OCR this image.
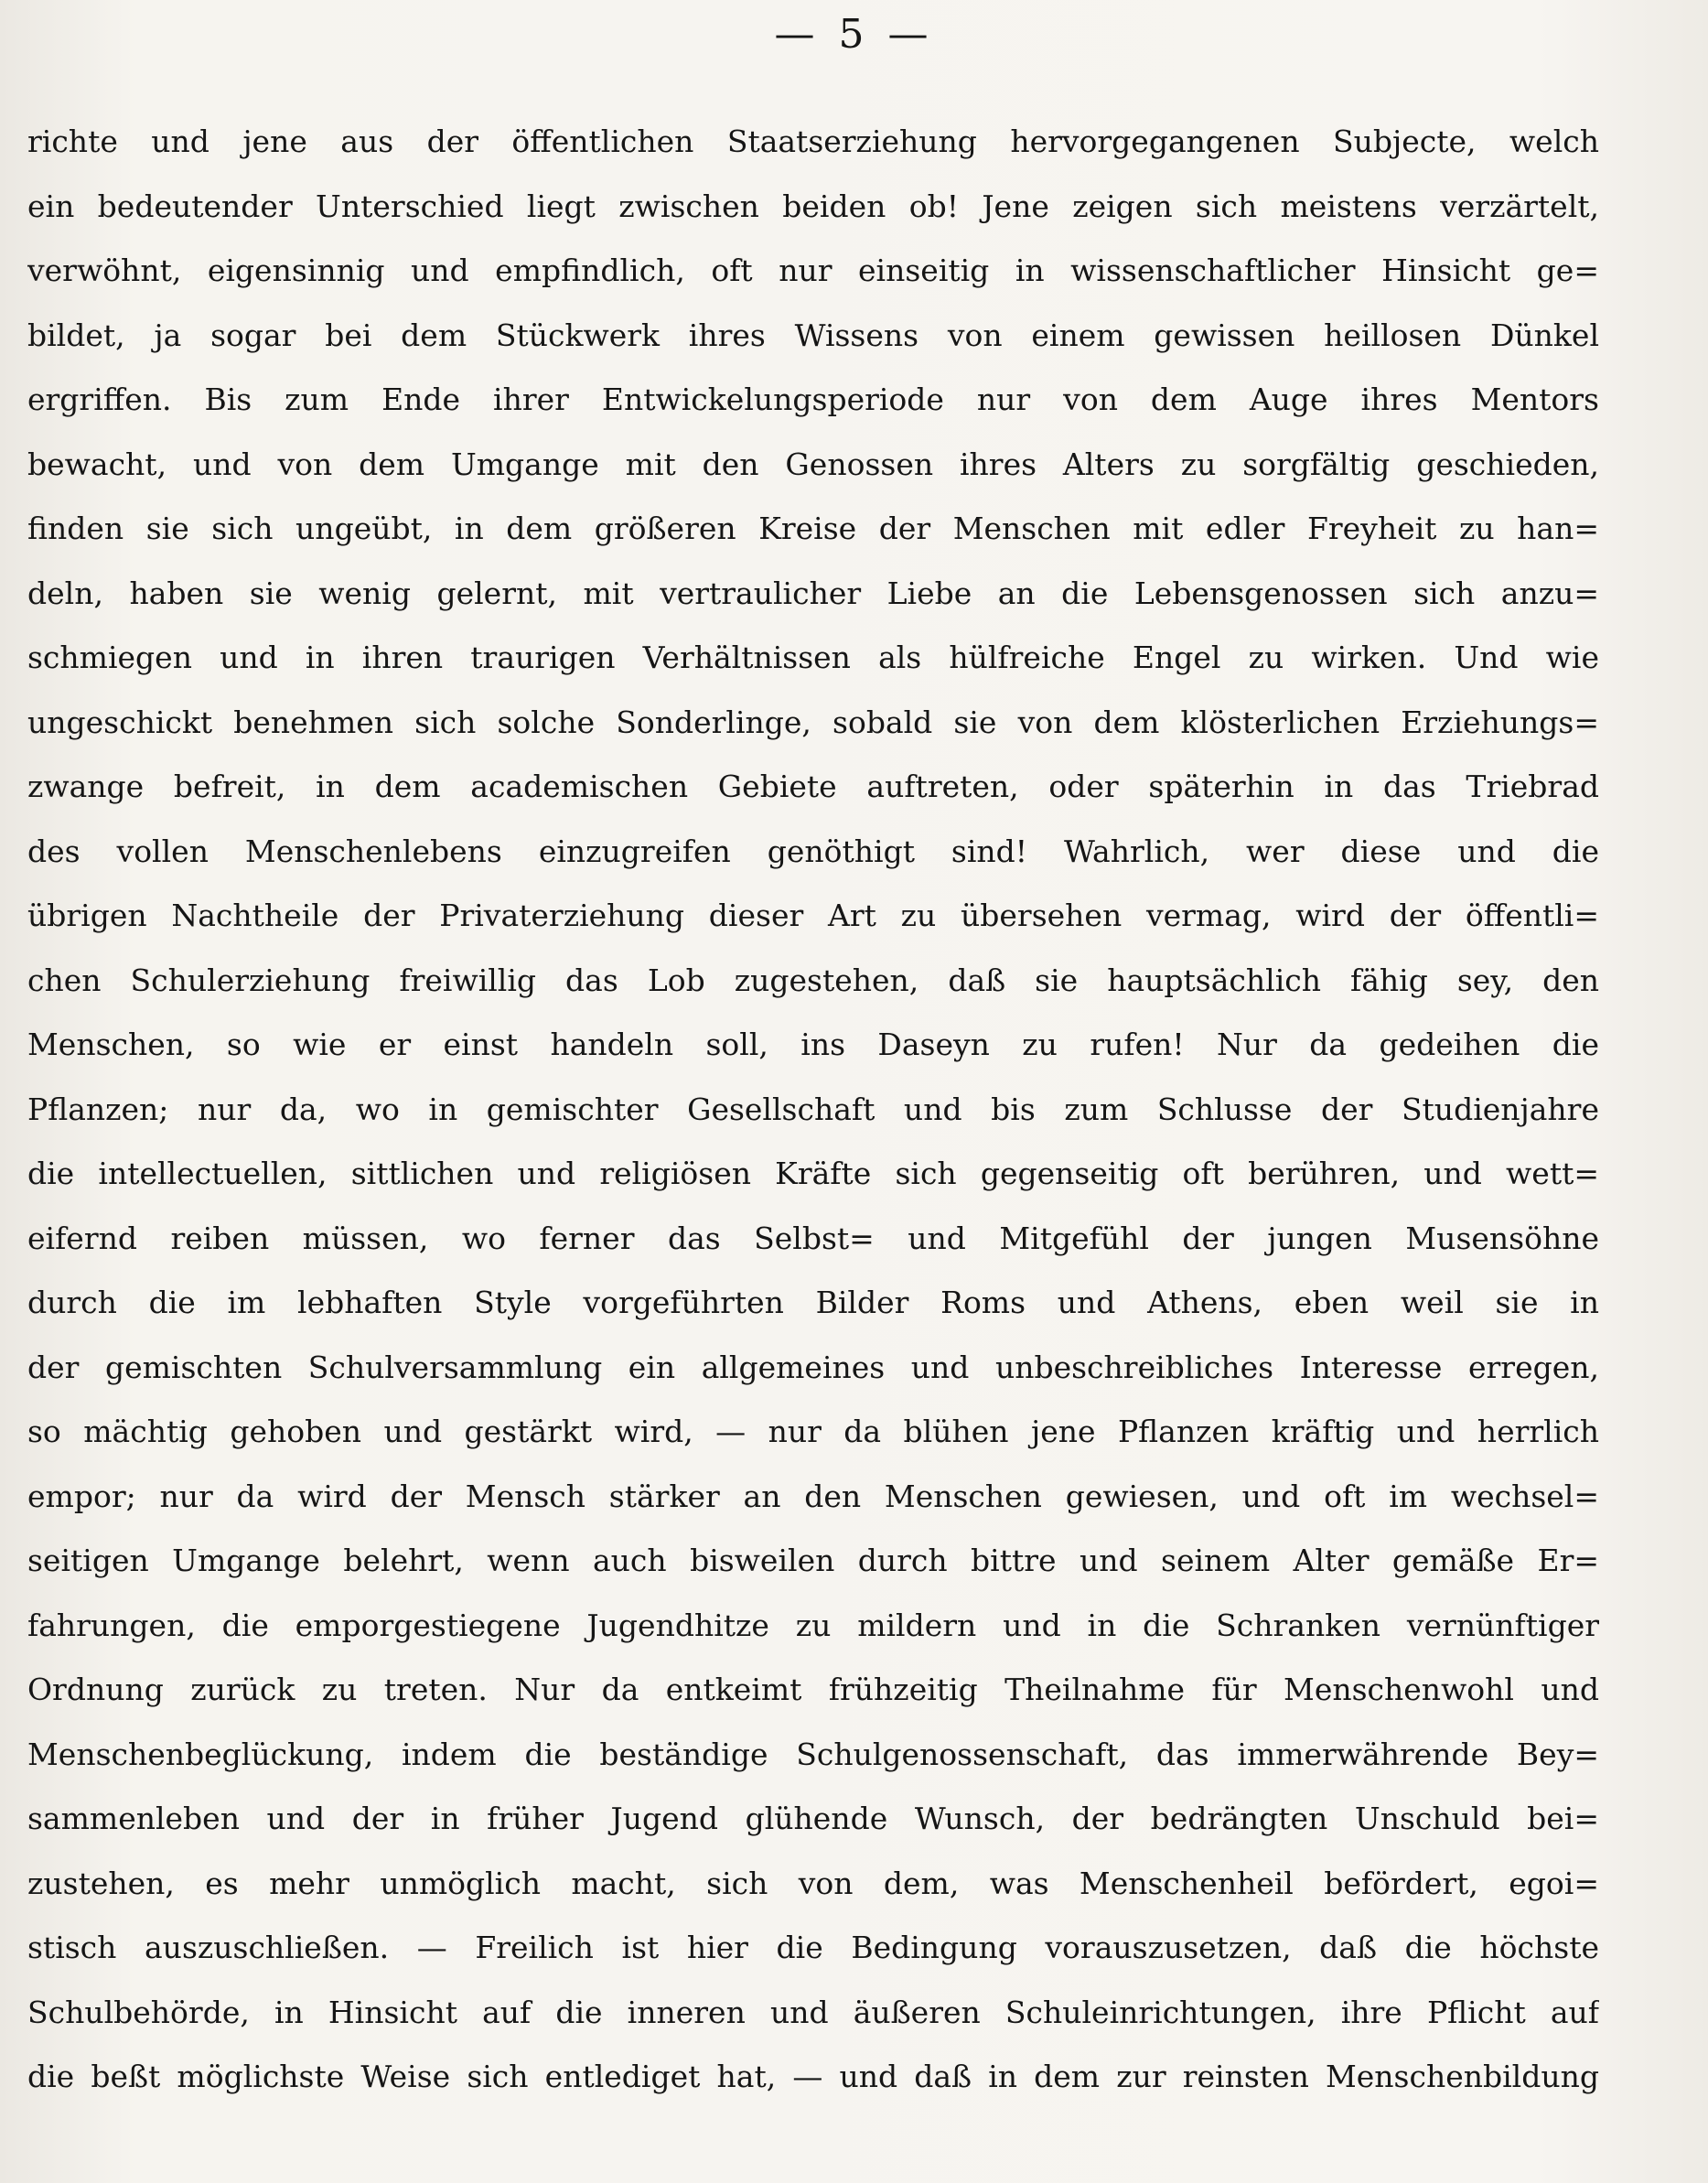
— 5 —
richte und jene aus der öffentlichen Staatserziehung hervorgegangenen Subjecte, welch
ein bedeutender Unterschied liegt zwischen beiden ob! Jene zeigen sich meistens verzärtelt,
verwöhnt, eigensinnig und empfindlich, oft nur einseitig in wissenschaftlicher Hinsicht ge=
bildet, ja sogar bei dem Stückwerk ihres Wissens von einem gewissen heillosen Dünkel
ergriffen. Bis zum Ende ihrer Entwickelungsperiode nur von dem Auge ihres Mentors
bewacht, und von dem Umgange mit den Genossen ihres Alters zu sorgfältig geschieden,
finden sie sich ungeübt, in dem größeren Kreise der Menschen mit edler Freyheit zu han=
deln, haben sie wenig gelernt, mit vertraulicher Liebe an die Lebensgenossen sich anzu=
schmiegen und in ihren traurigen Verhältnissen als hülfreiche Engel zu wirken. Und wie
ungeschickt benehmen sich solche Sonderlinge, sobald sie von dem klösterlichen Erziehungs=
zwange befreit, in dem academischen Gebiete auftreten, oder späterhin in das Triebrad
des vollen Menschenlebens einzugreifen genöthigt sind! Wahrlich, wer diese und die
übrigen Nachtheile der Privaterziehung dieser Art zu übersehen vermag, wird der öffentli=
chen Schulerziehung freiwillig das Lob zugestehen, daß sie hauptsächlich fähig sey, den
Menschen, so wie er einst handeln soll, ins Daseyn zu rufen! Nur da gedeihen die
Pflanzen; nur da, wo in gemischter Gesellschaft und bis zum Schlusse der Studienjahre
die intellectuellen, sittlichen und religiösen Kräfte sich gegenseitig oft berühren, und wett=
eifernd reiben müssen, wo ferner das Selbst= und Mitgefühl der jungen Musensöhne
durch die im lebhaften Style vorgeführten Bilder Roms und Athens, eben weil sie in
der gemischten Schulversammlung ein allgemeines und unbeschreibliches Interesse erregen,
so mächtig gehoben und gestärkt wird, — nur da blühen jene Pflanzen kräftig und herrlich
empor; nur da wird der Mensch stärker an den Menschen gewiesen, und oft im wechsel=
seitigen Umgange belehrt, wenn auch bisweilen durch bittre und seinem Alter gemäße Er=
fahrungen, die emporgestiegene Jugendhitze zu mildern und in die Schranken vernünftiger
Ordnung zurück zu treten. Nur da entkeimt frühzeitig Theilnahme für Menschenwohl und
Menschenbeglückung, indem die beständige Schulgenossenschaft, das immerwährende Bey=
sammenleben und der in früher Jugend glühende Wunsch, der bedrängten Unschuld bei=
zustehen, es mehr unmöglich macht, sich von dem, was Menschenheil befördert, egoi=
stisch auszuschließen. — Freilich ist hier die Bedingung vorauszusetzen, daß die höchste
Schulbehörde, in Hinsicht auf die inneren und äußeren Schuleinrichtungen, ihre Pflicht auf
die beßt möglichste Weise sich entlediget hat, — und daß in dem zur reinsten Menschenbildung
